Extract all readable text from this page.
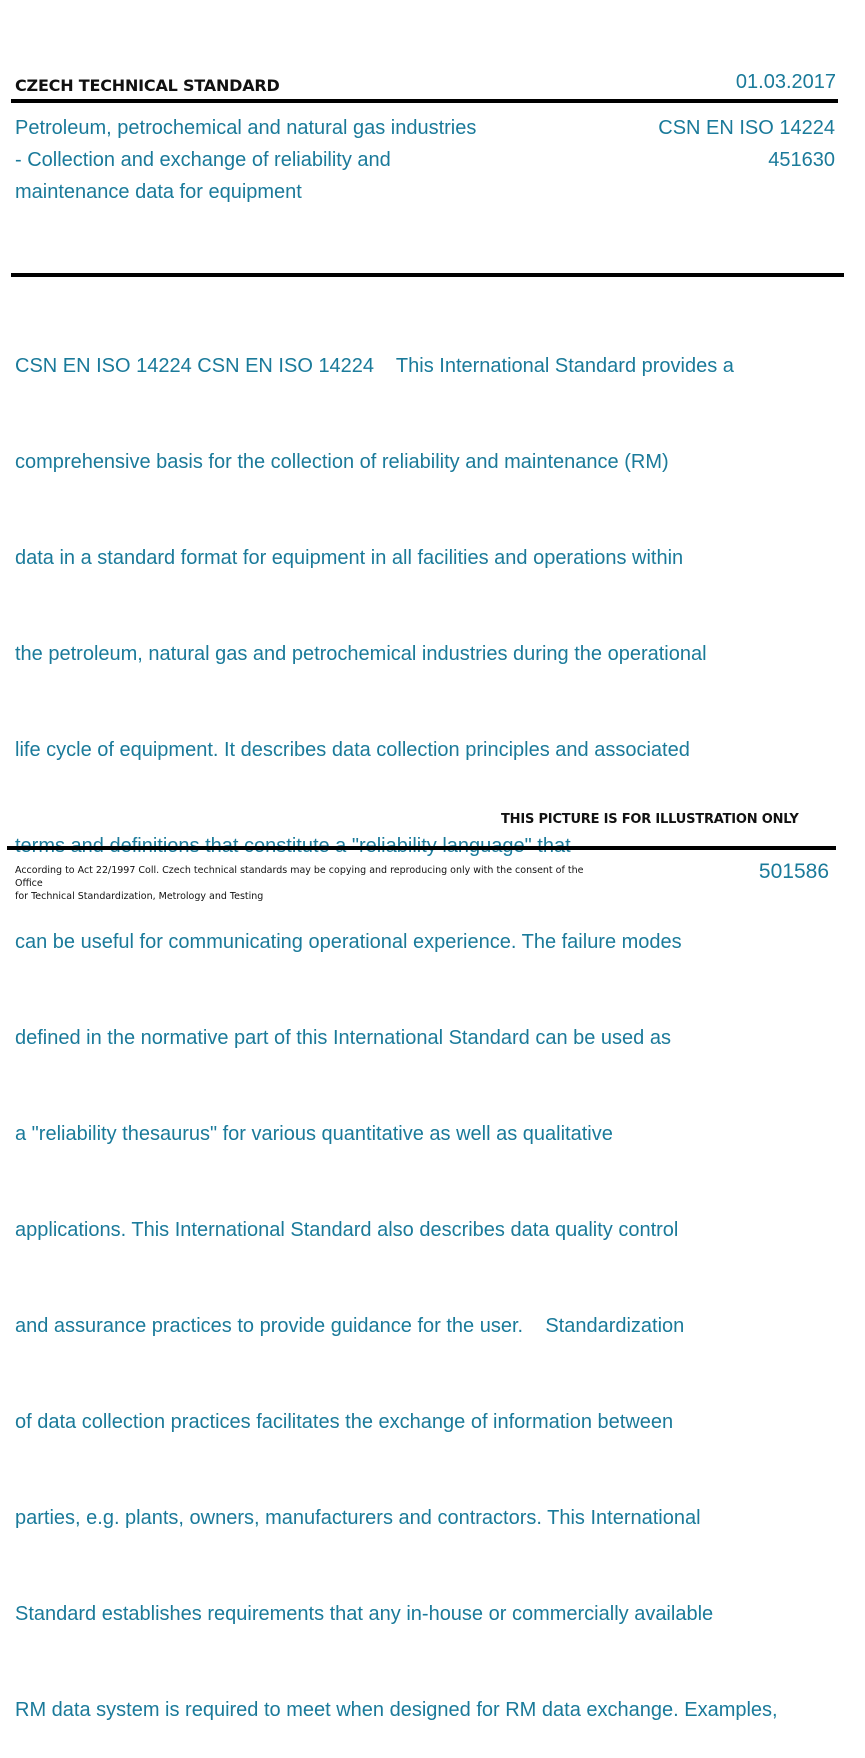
CZECH TECHNICAL STANDARD	01.03.2017
Petroleum, petrochemical and natural gas industries
- Collection and exchange of reliability and
maintenance data for equipment
CSN EN ISO 14224
451630

CSN EN ISO 14224 CSN EN ISO 14224    This International Standard provides a

comprehensive basis for the collection of reliability and maintenance (RM)

data in a standard format for equipment in all facilities and operations within

the petroleum, natural gas and petrochemical industries during the operational

life cycle of equipment. It describes data collection principles and associated

can be useful for communicating operational experience. The failure modes

defined in the normative part of this International Standard can be used as

a "reliability thesaurus" for various quantitative as well as qualitative

applications. This International Standard also describes data quality control

and assurance practices to provide guidance for the user.    Standardization

of data collection practices facilitates the exchange of information between

parties, e.g. plants, owners, manufacturers and contractors. This International

Standard establishes requirements that any in-house or commercially available

RM data system is required to meet when designed for RM data exchange. Examples,

THIS PICTURE IS FOR ILLUSTRATION ONLY
According to Act 22/1997 Coll. Czech technical standards may be copying and reproducing only with the consent of the Office
for Technical Standardization, Metrology and Testing
501586
